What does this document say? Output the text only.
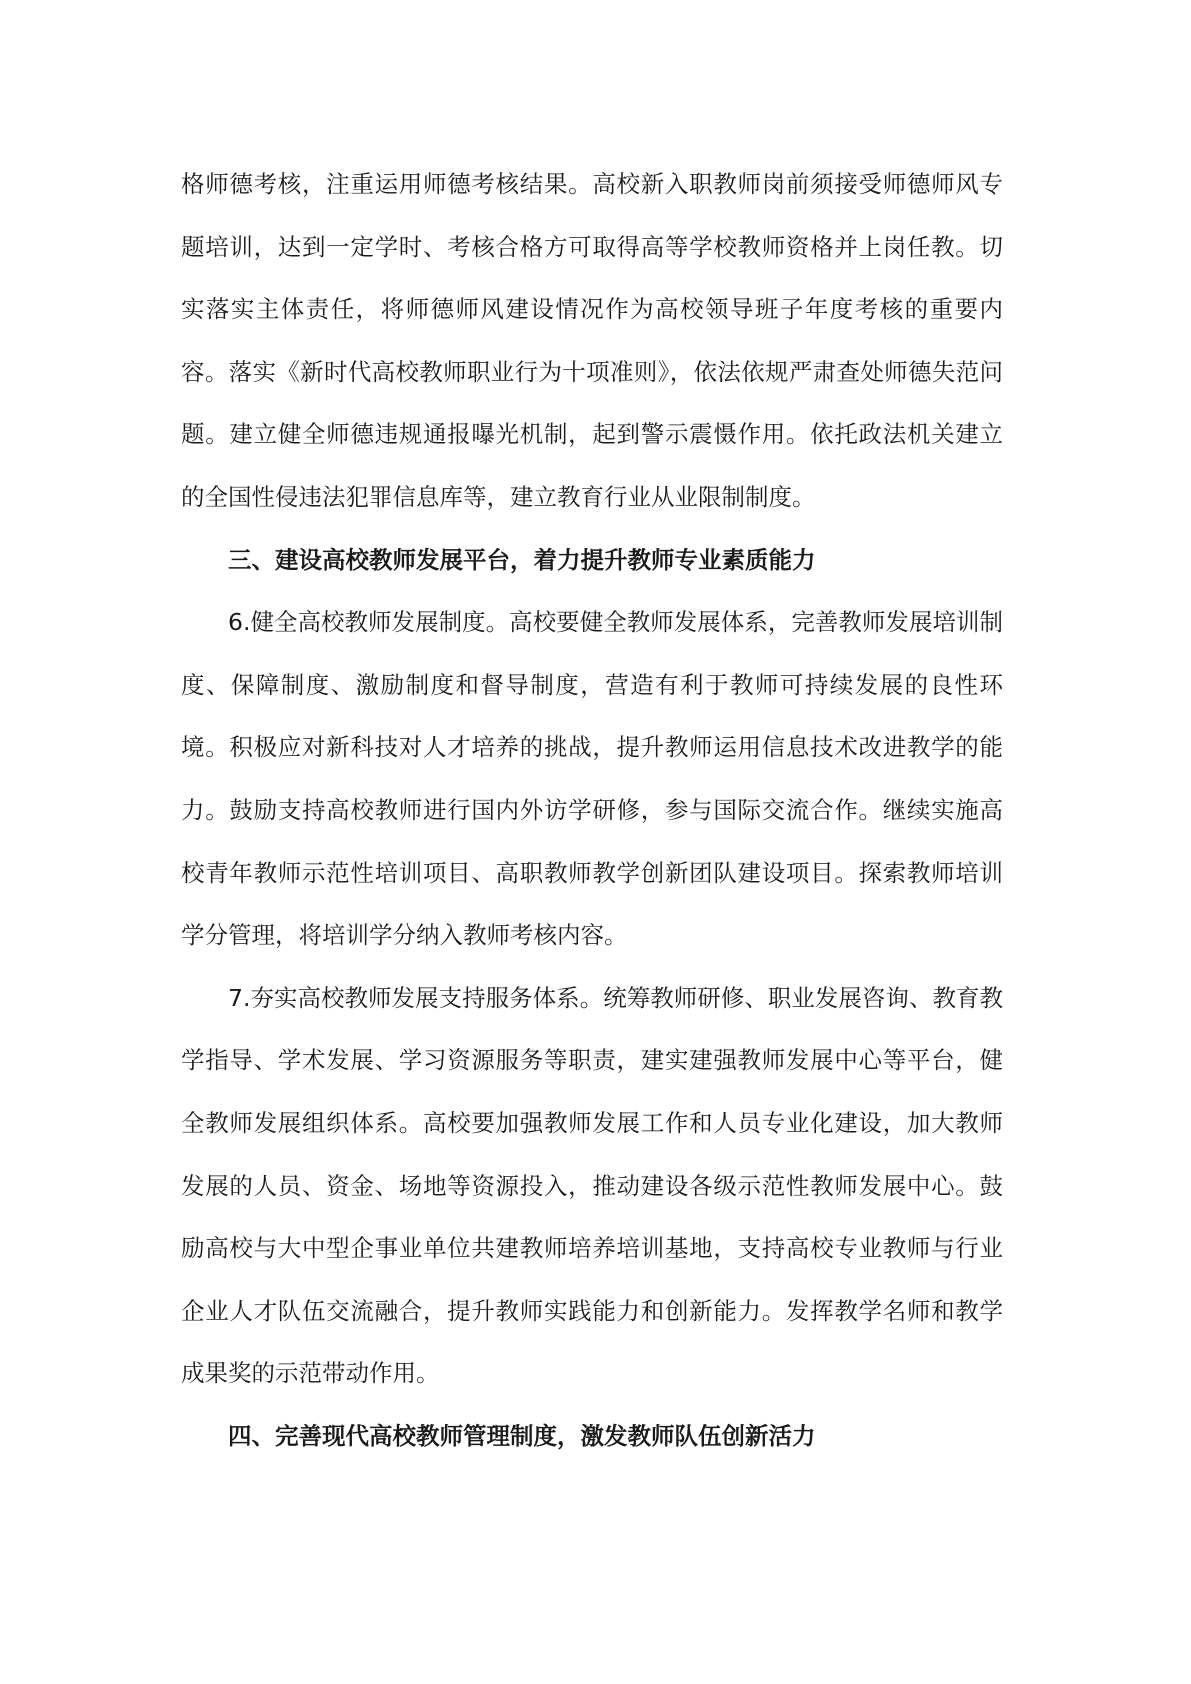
格师德考核，注重运用师德考核结果。高校新入职教师岗前须接受师德师风专题培训，达到一定学时、考核合格方可取得高等学校教师资格并上岗任教。切实落实主体责任，将师德师风建设情况作为高校领导班子年度考核的重要内容。落实《新时代高校教师职业行为十项准则》，依法依规严肃查处师德失范问题。建立健全师德违规通报曝光机制，起到警示震慑作用。依托政法机关建立的全国性侵违法犯罪信息库等，建立教育行业从业限制制度。

三、建设高校教师发展平台，着力提升教师专业素质能力

6.健全高校教师发展制度。高校要健全教师发展体系，完善教师发展培训制度、保障制度、激励制度和督导制度，营造有利于教师可持续发展的良性环境。积极应对新科技对人才培养的挑战，提升教师运用信息技术改进教学的能力。鼓励支持高校教师进行国内外访学研修，参与国际交流合作。继续实施高校青年教师示范性培训项目、高职教师教学创新团队建设项目。探索教师培训学分管理，将培训学分纳入教师考核内容。

7.夯实高校教师发展支持服务体系。统筹教师研修、职业发展咨询、教育教学指导、学术发展、学习资源服务等职责，建实建强教师发展中心等平台，健全教师发展组织体系。高校要加强教师发展工作和人员专业化建设，加大教师发展的人员、资金、场地等资源投入，推动建设各级示范性教师发展中心。鼓励高校与大中型企事业单位共建教师培养培训基地，支持高校专业教师与行业企业人才队伍交流融合，提升教师实践能力和创新能力。发挥教学名师和教学成果奖的示范带动作用。

四、完善现代高校教师管理制度，激发教师队伍创新活力
